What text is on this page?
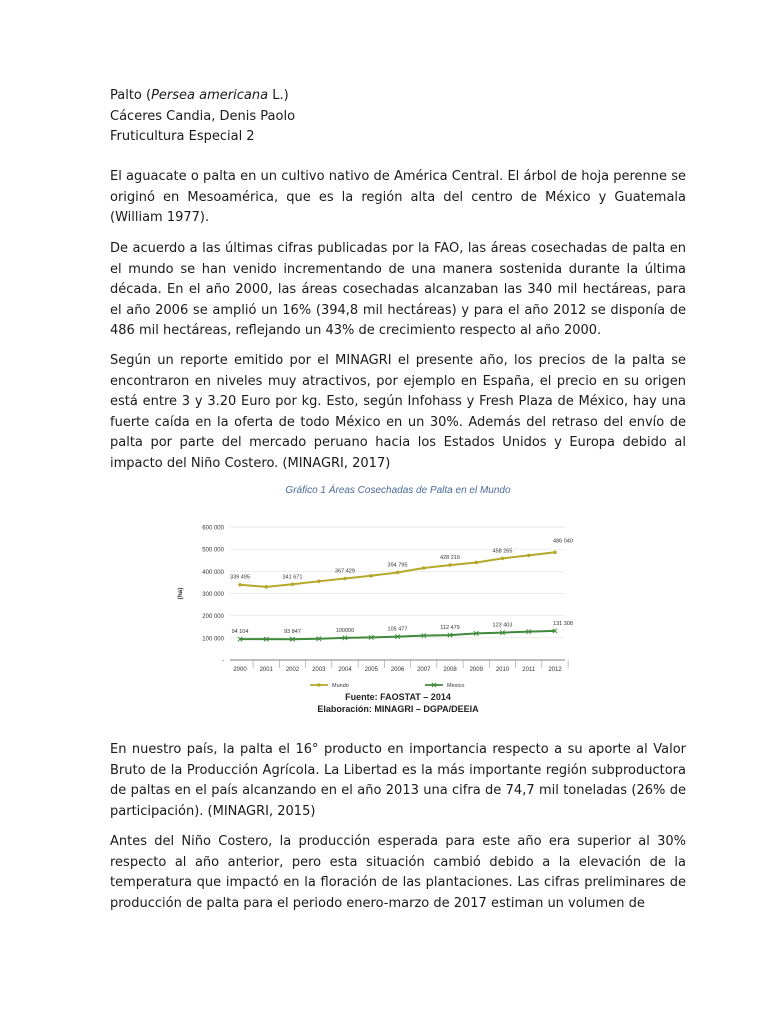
Palto (Persea americana L.)
Cáceres Candia, Denis Paolo
Fruticultura Especial 2

El aguacate o palta en un cultivo nativo de América Central. El árbol de hoja perenne se originó en Mesoamérica, que es la región alta del centro de México y Guatemala (William 1977).

De acuerdo a las últimas cifras publicadas por la FAO, las áreas cosechadas de palta en el mundo se han venido incrementando de una manera sostenida durante la última década. En el año 2000, las áreas cosechadas alcanzaban las 340 mil hectáreas, para el año 2006 se amplió un 16% (394,8 mil hectáreas) y para el año 2012 se disponía de 486 mil hectáreas, reflejando un 43% de crecimiento respecto al año 2000.

Según un reporte emitido por el MINAGRI el presente año, los precios de la palta se encontraron en niveles muy atractivos, por ejemplo en España, el precio en su origen está entre 3 y 3.20 Euro por kg. Esto, según Infohass y Fresh Plaza de México, hay una fuerte caída en la oferta de todo México en un 30%. Además del retraso del envío de palta por parte del mercado peruano hacia los Estados Unidos y Europa debido al impacto del Niño Costero. (MINAGRI, 2017)

Gráfico 1 Áreas Cosechadas de Palta en el Mundo
-
100 000
200 000
300 000
400 000
500 000
600 000
2000 2001 2002 2003 2004 2005 2006 2007 2008 2009 2010 2011 2012
(ha)
339 495	341 671
367 429
394 795
428 216
458 265
486 040
94 104	93 847	100000	105 477	112 479	123 403	131 308
Mundo	Mexico
Fuente: FAOSTAT – 2014
Elaboración: MINAGRI – DGPA/DEEIA

En nuestro país, la palta el 16° producto en importancia respecto a su aporte al Valor Bruto de la Producción Agrícola. La Libertad es la más importante región subproductora de paltas en el país alcanzando en el año 2013 una cifra de 74,7 mil toneladas (26% de participación). (MINAGRI, 2015)

Antes del Niño Costero, la producción esperada para este año era superior al 30% respecto al año anterior, pero esta situación cambió debido a la elevación de la temperatura que impactó en la floración de las plantaciones. Las cifras preliminares de producción de palta para el periodo enero-marzo de 2017 estiman un volumen de
